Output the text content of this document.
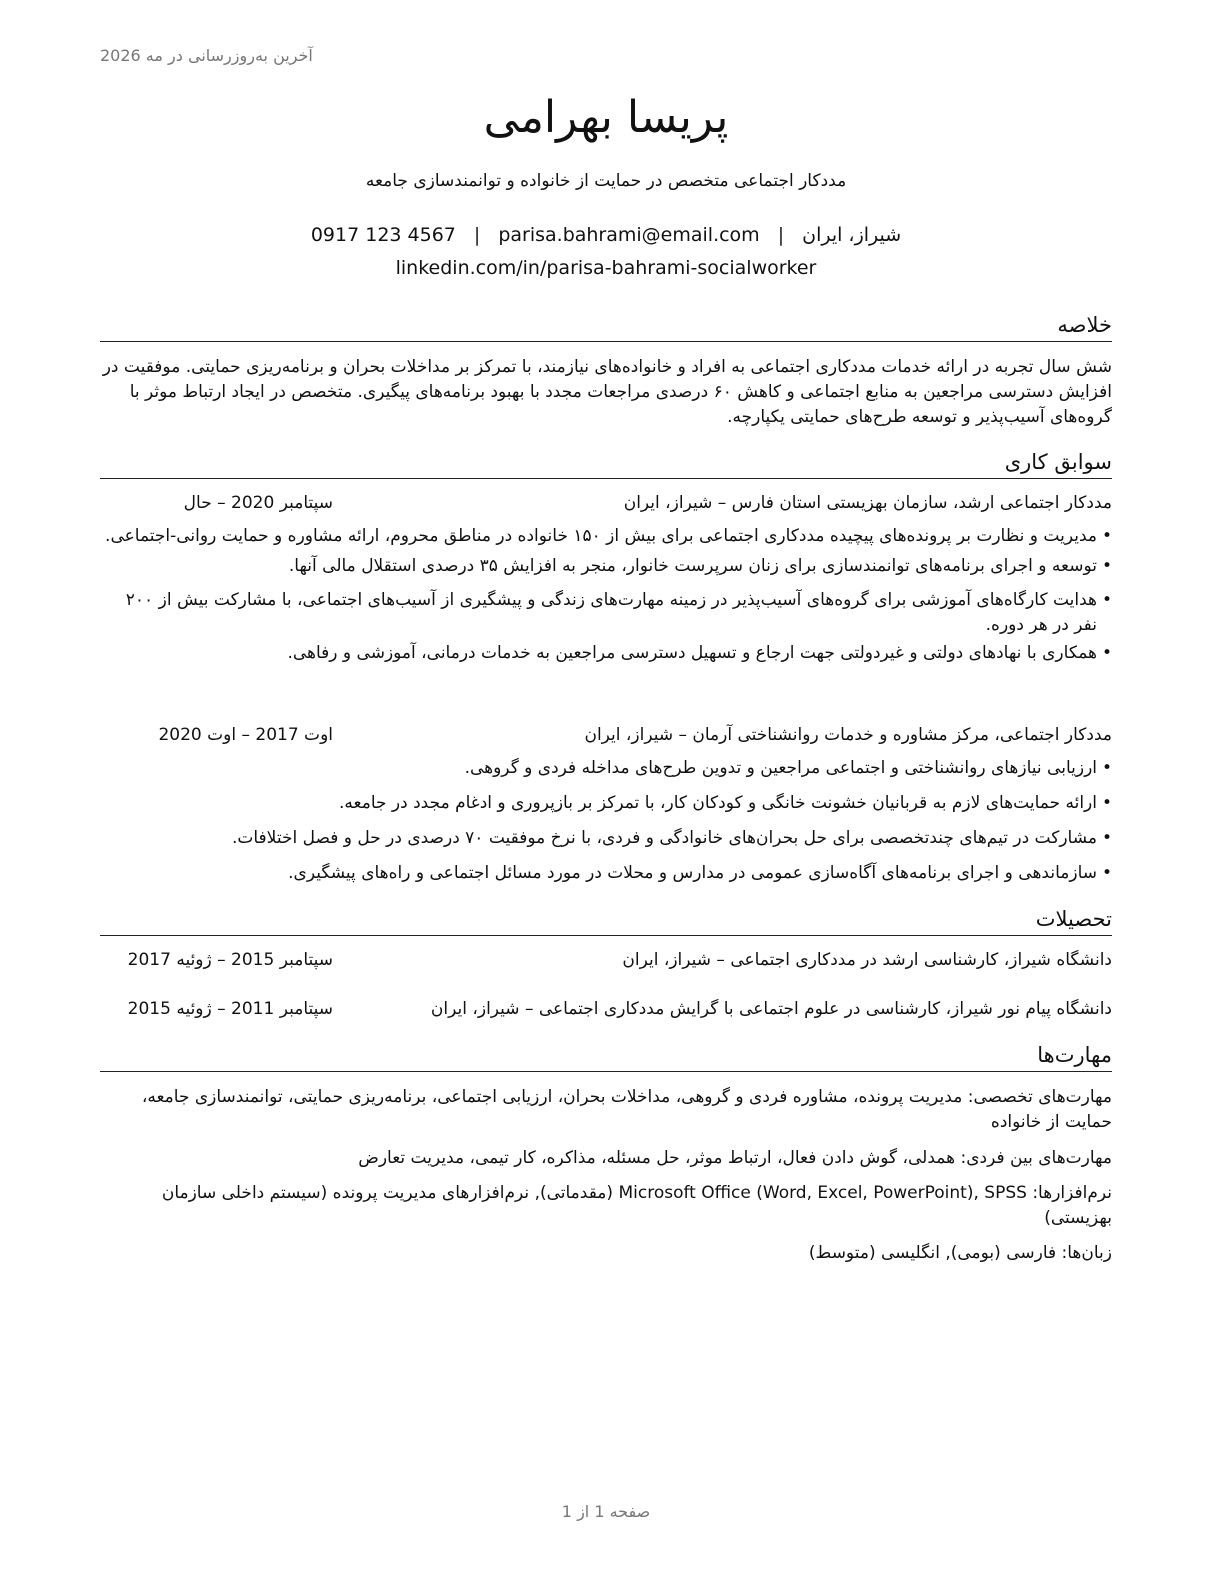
آخرین به‌روزرسانی در مه 2026
پریسا بهرامی
مددکار اجتماعی متخصص در حمایت از خانواده و توانمندسازی جامعه
شیراز، ایران
|
parisa.bahrami@email.com
|
0917 123 4567
linkedin.com/in/parisa-bahrami-socialworker
خلاصه
شش سال تجربه در ارائه خدمات مددکاری اجتماعی به افراد و خانواده‌های نیازمند، با تمرکز بر مداخلات بحران و برنامه‌ریزی حمایتی. موفقیت در افزایش دسترسی مراجعین به منابع اجتماعی و کاهش ۶۰ درصدی مراجعات مجدد با بهبود برنامه‌های پیگیری. متخصص در ایجاد ارتباط موثر با گروه‌های آسیب‌پذیر و توسعه طرح‌های حمایتی یکپارچه.
سوابق کاری
مددکار اجتماعی ارشد، سازمان بهزیستی استان فارس – شیراز، ایران
سپتامبر 2020 – حال
• مدیریت و نظارت بر پرونده‌های پیچیده مددکاری اجتماعی برای بیش از ۱۵۰ خانواده در مناطق محروم، ارائه مشاوره و حمایت روانی-اجتماعی.
• توسعه و اجرای برنامه‌های توانمندسازی برای زنان سرپرست خانوار، منجر به افزایش ۳۵ درصدی استقلال مالی آنها.
• هدایت کارگاه‌های آموزشی برای گروه‌های آسیب‌پذیر در زمینه مهارت‌های زندگی و پیشگیری از آسیب‌های اجتماعی، با مشارکت بیش از ۲۰۰ نفر در هر دوره.
• همکاری با نهادهای دولتی و غیردولتی جهت ارجاع و تسهیل دسترسی مراجعین به خدمات درمانی، آموزشی و رفاهی.
مددکار اجتماعی، مرکز مشاوره و خدمات روانشناختی آرمان – شیراز، ایران
اوت 2017 – اوت 2020
• ارزیابی نیازهای روانشناختی و اجتماعی مراجعین و تدوین طرح‌های مداخله فردی و گروهی.
• ارائه حمایت‌های لازم به قربانیان خشونت خانگی و کودکان کار، با تمرکز بر بازپروری و ادغام مجدد در جامعه.
• مشارکت در تیم‌های چندتخصصی برای حل بحران‌های خانوادگی و فردی، با نرخ موفقیت ۷۰ درصدی در حل و فصل اختلافات.
• سازماندهی و اجرای برنامه‌های آگاه‌سازی عمومی در مدارس و محلات در مورد مسائل اجتماعی و راه‌های پیشگیری.
تحصیلات
دانشگاه شیراز، کارشناسی ارشد در مددکاری اجتماعی – شیراز، ایران
سپتامبر 2015 – ژوئیه 2017
دانشگاه پیام نور شیراز، کارشناسی در علوم اجتماعی با گرایش مددکاری اجتماعی – شیراز، ایران
سپتامبر 2011 – ژوئیه 2015
مهارت‌ها
مهارت‌های تخصصی: مدیریت پرونده، مشاوره فردی و گروهی، مداخلات بحران، ارزیابی اجتماعی، برنامه‌ریزی حمایتی، توانمندسازی جامعه، حمایت از خانواده
مهارت‌های بین فردی: همدلی، گوش دادن فعال، ارتباط موثر، حل مسئله، مذاکره، کار تیمی، مدیریت تعارض
نرم‌افزارها: Microsoft Office (Word, Excel, PowerPoint), SPSS (مقدماتی), نرم‌افزارهای مدیریت پرونده (سیستم داخلی سازمان بهزیستی)
زبان‌ها: فارسی (بومی), انگلیسی (متوسط)
صفحه 1 از 1
